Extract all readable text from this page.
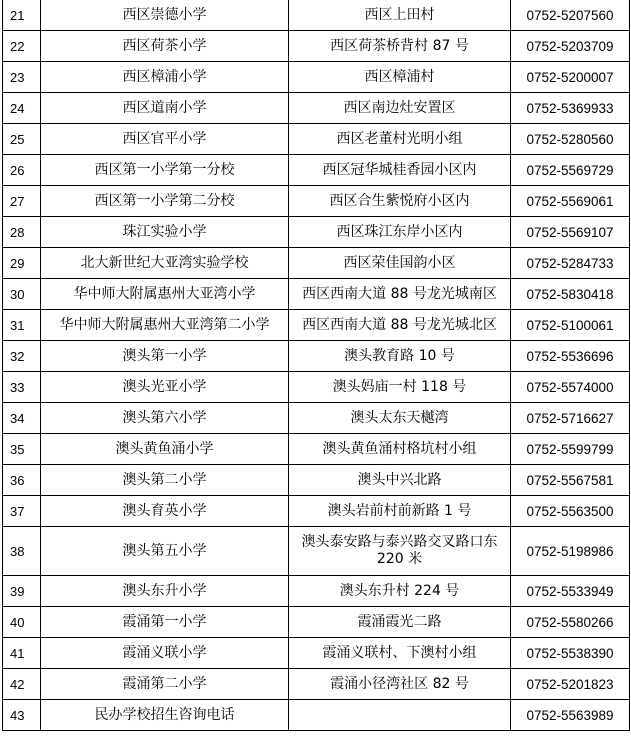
21	西区崇德小学	西区上田村	0752-5207560
22	西区荷茶小学	西区荷茶桥背村 87 号	0752-5203709
23	西区樟浦小学	西区樟浦村	0752-5200007
24	西区道南小学	西区南边灶安置区	0752-5369933
25	西区官平小学	西区老董村光明小组	0752-5280560
26	西区第一小学第一分校	西区冠华城桂香园小区内	0752-5569729
27	西区第一小学第二分校	西区合生紫悦府小区内	0752-5569061
28	珠江实验小学	西区珠江东岸小区内	0752-5569107
29	北大新世纪大亚湾实验学校	西区荣佳国韵小区	0752-5284733
30	华中师大附属惠州大亚湾小学	西区西南大道 88 号龙光城南区	0752-5830418
31	华中师大附属惠州大亚湾第二小学	西区西南大道 88 号龙光城北区	0752-5100061
32	澳头第一小学	澳头教育路 10 号	0752-5536696
33	澳头光亚小学	澳头妈庙一村 118 号	0752-5574000
34	澳头第六小学	澳头太东天樾湾	0752-5716627
35	澳头黄鱼涌小学	澳头黄鱼涌村格坑村小组	0752-5599799
36	澳头第二小学	澳头中兴北路	0752-5567581
37	澳头育英小学	澳头岩前村前新路 1 号	0752-5563500
38	澳头第五小学	澳头泰安路与泰兴路交叉路口东 220 米	0752-5198986
39	澳头东升小学	澳头东升村 224 号	0752-5533949
40	霞涌第一小学	霞涌霞光二路	0752-5580266
41	霞涌义联小学	霞涌义联村、下澳村小组	0752-5538390
42	霞涌第二小学	霞涌小径湾社区 82 号	0752-5201823
43	民办学校招生咨询电话		0752-5563989
